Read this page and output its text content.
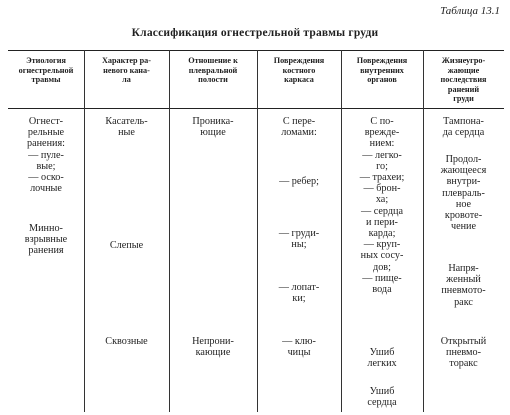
Таблица 13.1
Классификация огнестрельной травмы груди
Этиология
огнестрельной
травмы
Характер ра-
невого кана-
ла
Отношение к
плевральной
полости
Повреждения
костного
каркаса
Повреждения
внутренних
органов
Жизнеугро-
жающие
последствия
ранений
груди
Огнест-
рельные
ранения:
— пуле-
вые;
— оско-
лочные
Минно-
взрывные
ранения
Касатель-
ные
Слепые
Сквозные
Проника-
ющие
Непрони-
кающие
С пере-
ломами:
— ребер;
— груди-
ны;
— лопат-
ки;
— клю-
чицы
С по-
врежде-
нием:
— легко-
го;
— трахеи;
— брон-
ха;
— сердца
и пери-
карда;
— круп-
ных сосу-
дов;
— пище-
вода
Ушиб
легких
Ушиб
сердца
Тампона-
да сердца
Продол-
жающееся
внутри-
плевраль-
ное
кровоте-
чение
Напря-
женный
пневмото-
ракс
Открытый
пневмо-
торакс
